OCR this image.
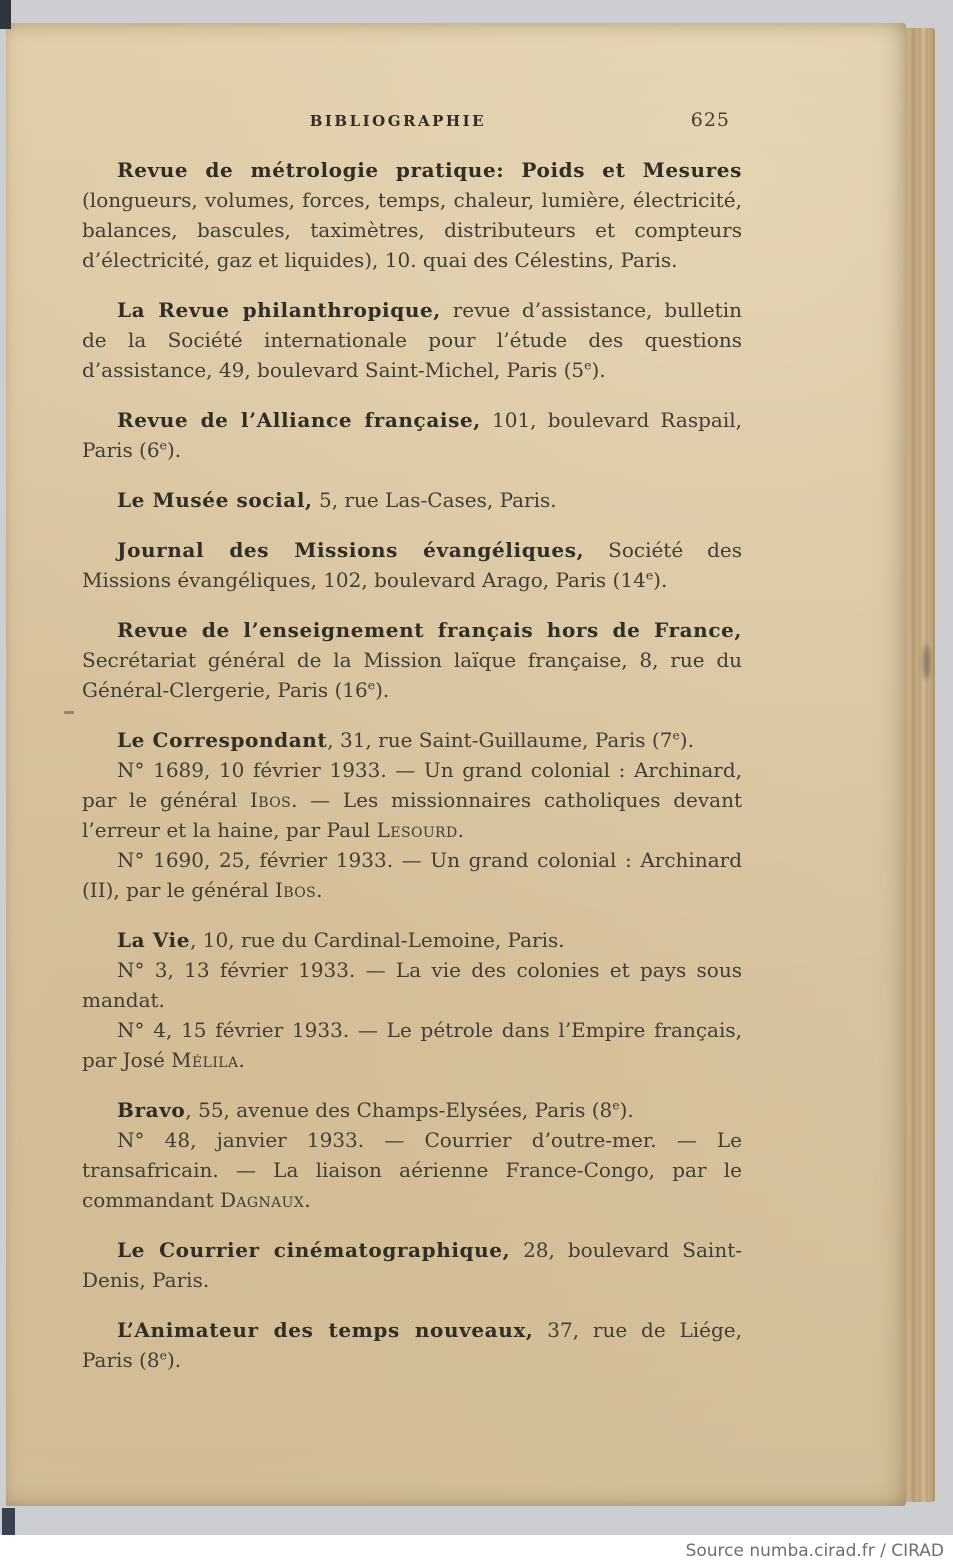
BIBLIOGRAPHIE	625

Revue de métrologie pratique: Poids et Mesures (longueurs, volumes, forces, temps, chaleur, lumière, électricité, balances, bascules, taximètres, distributeurs et compteurs d’électricité, gaz et liquides), 10. quai des Célestins, Paris.

La Revue philanthropique, revue d’assistance, bulletin de la Société internationale pour l’étude des questions d’assistance, 49, boulevard Saint-Michel, Paris (5e).

Revue de l’Alliance française, 101, boulevard Raspail, Paris (6e).

Le Musée social, 5, rue Las-Cases, Paris.

Journal des Missions évangéliques, Société des Missions évangéliques, 102, boulevard Arago, Paris (14e).

Revue de l’enseignement français hors de France, Secrétariat général de la Mission laïque française, 8, rue du Général-Clergerie, Paris (16e).

Le Correspondant, 31, rue Saint-Guillaume, Paris (7e).

N° 1689, 10 février 1933. — Un grand colonial : Archinard, par le général Ibos. — Les missionnaires catholiques devant l’erreur et la haine, par Paul Lesourd.

N° 1690, 25, février 1933. — Un grand colonial : Archinard (II), par le général Ibos.

La Vie, 10, rue du Cardinal-Lemoine, Paris.

N° 3, 13 février 1933. — La vie des colonies et pays sous mandat.

N° 4, 15 février 1933. — Le pétrole dans l’Empire français, par José Mélila.

Bravo, 55, avenue des Champs-Elysées, Paris (8e).

N° 48, janvier 1933. — Courrier d’outre-mer. — Le transafricain. — La liaison aérienne France-Congo, par le commandant Dagnaux.

Le Courrier cinématographique, 28, boulevard Saint-Denis, Paris.

L’Animateur des temps nouveaux, 37, rue de Liége, Paris (8e).

Source numba.cirad.fr / CIRAD
